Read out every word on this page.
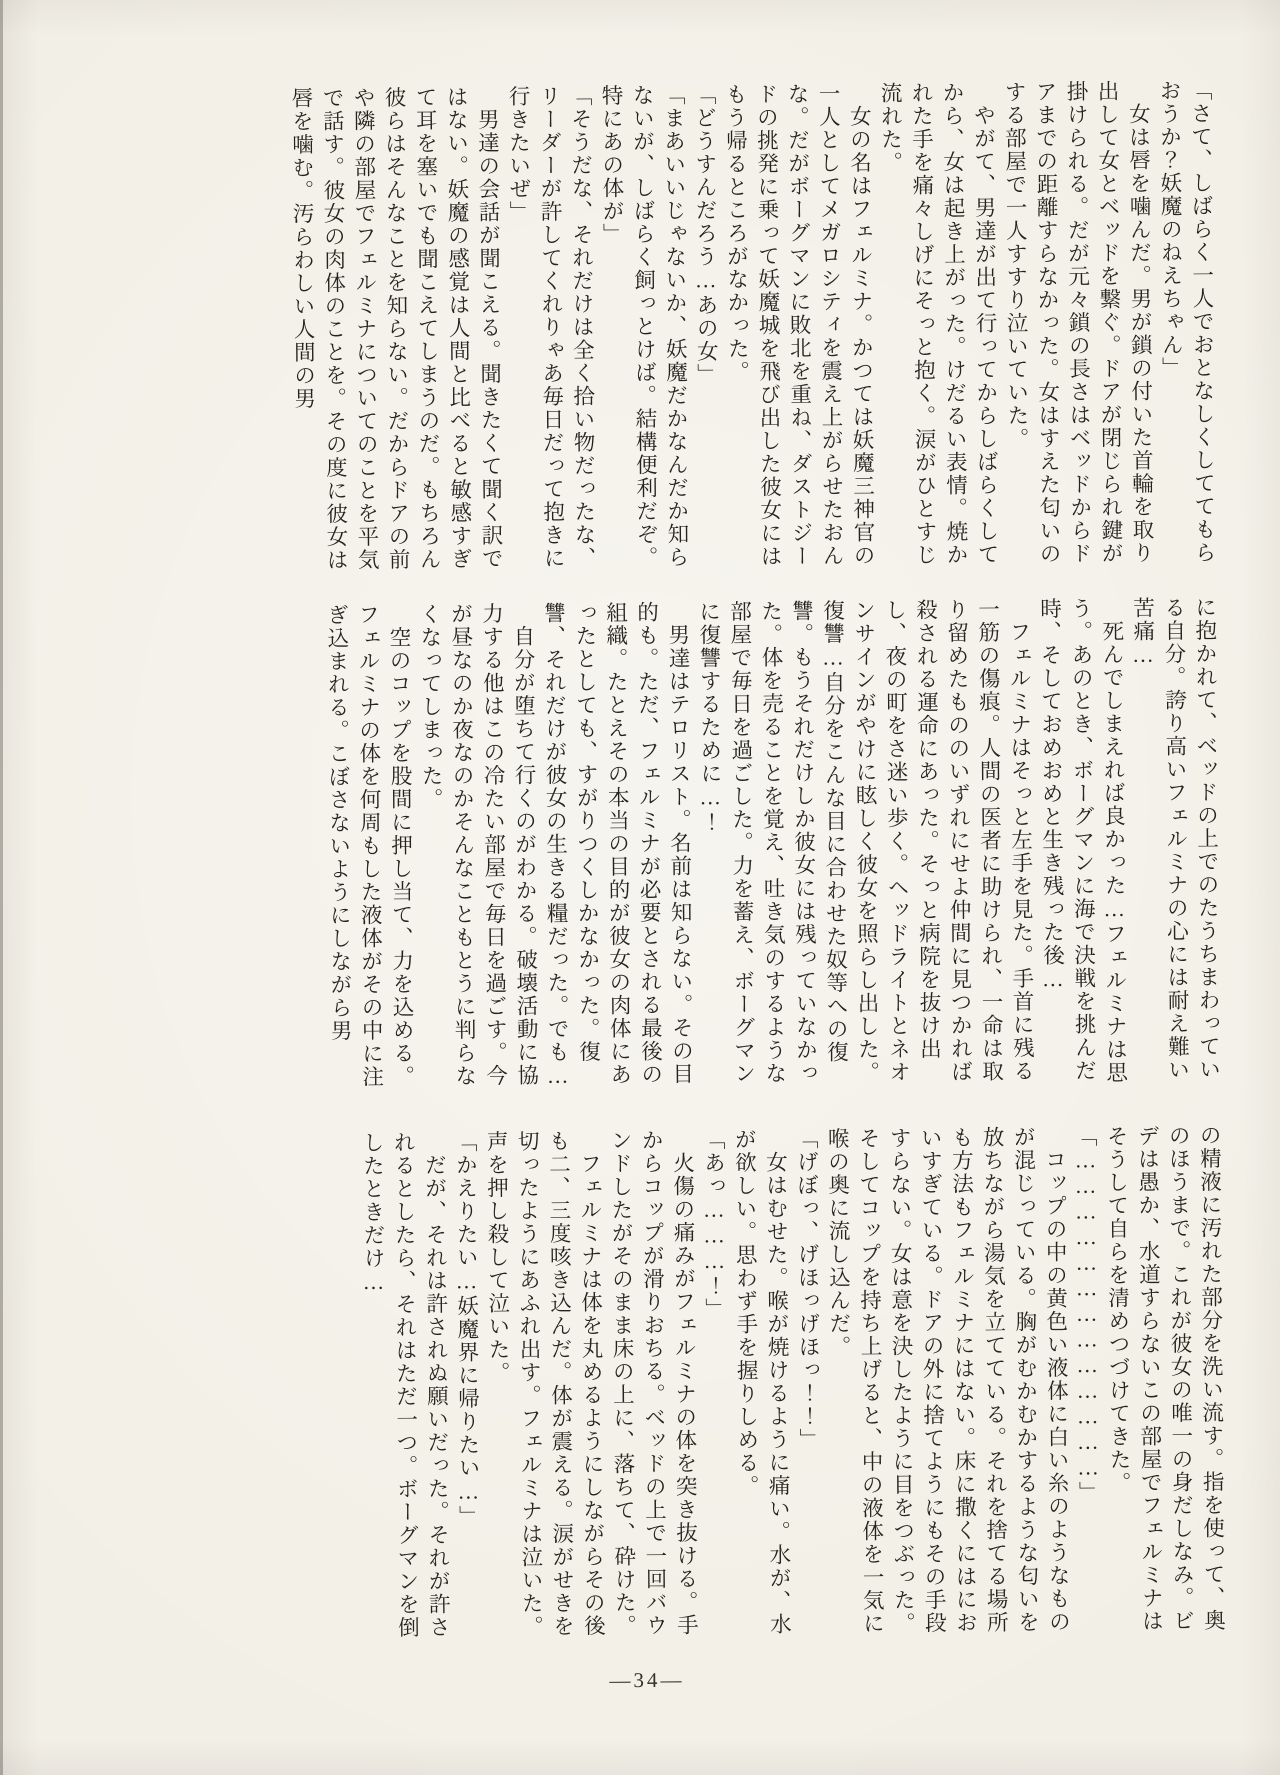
「さて、しばらく一人でおとなしくしててもらおうか？妖魔のねえちゃん」

女は唇を噛んだ。男が鎖の付いた首輪を取り出して女とベッドを繋ぐ。ドアが閉じられ鍵が掛けられる。だが元々鎖の長さはベッドからドアまでの距離すらなかった。女はすえた匂いのする部屋で一人すすり泣いていた。

やがて、男達が出て行ってからしばらくしてから、女は起き上がった。けだるい表情。焼かれた手を痛々しげにそっと抱く。涙がひとすじ流れた。

女の名はフェルミナ。かつては妖魔三神官の一人としてメガロシティを震え上がらせたおんな。だがボーグマンに敗北を重ね、ダストジードの挑発に乗って妖魔城を飛び出した彼女にはもう帰るところがなかった。

「どうすんだろう…あの女」

「まあいいじゃないか、妖魔だかなんだか知らないが、しばらく飼っとけば。結構便利だぞ。特にあの体が」

「そうだな、それだけは全く拾い物だったな、リーダーが許してくれりゃあ毎日だって抱きに行きたいぜ」

男達の会話が聞こえる。聞きたくて聞く訳ではない。妖魔の感覚は人間と比べると敏感すぎて耳を塞いでも聞こえてしまうのだ。もちろん彼らはそんなことを知らない。だからドアの前や隣の部屋でフェルミナについてのことを平気で話す。彼女の肉体のことを。その度に彼女は唇を噛む。汚らわしい人間の男

に抱かれて、ベッドの上でのたうちまわっている自分。誇り高いフェルミナの心には耐え難い苦痛…

死んでしまえれば良かった…フェルミナは思う。あのとき、ボーグマンに海で決戦を挑んだ時、そしておめおめと生き残った後…

フェルミナはそっと左手を見た。手首に残る一筋の傷痕。人間の医者に助けられ、一命は取り留めたもののいずれにせよ仲間に見つかれば殺される運命にあった。そっと病院を抜け出し、夜の町をさ迷い歩く。ヘッドライトとネオンサインがやけに眩しく彼女を照らし出した。復讐…自分をこんな目に合わせた奴等への復讐。もうそれだけしか彼女には残っていなかった。体を売ることを覚え、吐き気のするような部屋で毎日を過ごした。力を蓄え、ボーグマンに復讐するために…！

男達はテロリスト。名前は知らない。その目的も。ただ、フェルミナが必要とされる最後の組織。たとえその本当の目的が彼女の肉体にあったとしても、すがりつくしかなかった。復讐、それだけが彼女の生きる糧だった。でも…

自分が堕ちて行くのがわかる。破壊活動に協力する他はこの冷たい部屋で毎日を過ごす。今が昼なのか夜なのかそんなこともとうに判らなくなってしまった。

空のコップを股間に押し当て、力を込める。フェルミナの体を何周もした液体がその中に注ぎ込まれる。こぼさないようにしながら男

の精液に汚れた部分を洗い流す。指を使って、奥のほうまで。これが彼女の唯一の身だしなみ。ビデは愚か、水道すらないこの部屋でフェルミナはそうして自らを清めつづけてきた。

「…………………………………」

コップの中の黄色い液体に白い糸のようなものが混じっている。胸がむかむかするような匂いを放ちながら湯気を立てている。それを捨てる場所も方法もフェルミナにはない。床に撒くにはにおいすぎている。ドアの外に捨てようにもその手段すらない。女は意を決したように目をつぶった。そしてコップを持ち上げると、中の液体を一気に喉の奥に流し込んだ。

「げぼっ、げほっげほっ！！」

女はむせた。喉が焼けるように痛い。水が、水が欲しい。思わず手を握りしめる。

「あっ………！」

火傷の痛みがフェルミナの体を突き抜ける。手からコップが滑りおちる。ベッドの上で一回バウンドしたがそのまま床の上に、落ちて、砕けた。

フェルミナは体を丸めるようにしながらその後も二、三度咳き込んだ。体が震える。涙がせきを切ったようにあふれ出す。フェルミナは泣いた。声を押し殺して泣いた。

「かえりたい…妖魔界に帰りたい…」

だが、それは許されぬ願いだった。それが許されるとしたら、それはただ一つ。ボーグマンを倒したときだけ…

―34―
